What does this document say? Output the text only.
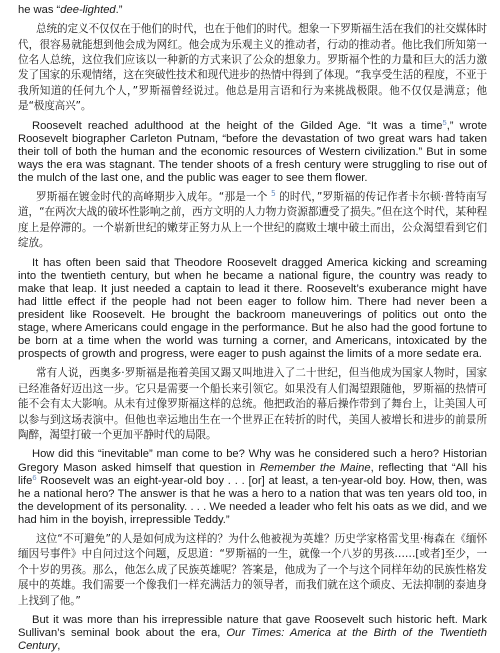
he was “dee-lighted.”

总统的定义不仅仅在于他们的时代，也在于他们的时代。想象一下罗斯福生活在我们的社交媒体时代，很容易就能想到他会成为网红。他会成为乐观主义的推动者，行动的推动者。他比我们所知第一位名人总统，这位我们应该以一种新的方式来识了公众的想象力。罗斯福个性的力量和巨大的活力激发了国家的乐观情绪，这在突破性技术和现代进步的热情中得到了体现。“我享受生活的程度，不亚于我所知道的任何九个人，”罗斯福曾经说过。他总是用言语和行为来挑战极限。他不仅仅是满意；他是“极度高兴”。

Roosevelt reached adulthood at the height of the Gilded Age. “It was a time$^5$,” wrote Roosevelt biographer Carleton Putnam, “before the devastation of two great wars had taken their toll of both the human and the economic resources of Western civilization.” But in some ways the era was stagnant. The tender shoots of a fresh century were struggling to rise out of the mulch of the last one, and the public was eager to see them flower.

罗斯福在镀金时代的高峰期步入成年。“那是一个 $^5$ 的时代，”罗斯福的传记作者卡尔顿·普特南写道，“在两次大战的破坏性影响之前，西方文明的人力物力资源都遭受了损失。”但在这个时代，某种程度上是停滞的。一个崭新世纪的嫩芽正努力从上一个世纪的腐败土壤中破土而出，公众渴望看到它们绽放。

It has often been said that Theodore Roosevelt dragged America kicking and screaming into the twentieth century, but when he became a national figure, the country was ready to make that leap. It just needed a captain to lead it there. Roosevelt’s exuberance might have had little effect if the people had not been eager to follow him. There had never been a president like Roosevelt. He brought the backroom maneuverings of politics out onto the stage, where Americans could engage in the performance. But he also had the good fortune to be born at a time when the world was turning a corner, and Americans, intoxicated by the prospects of growth and progress, were eager to push against the limits of a more sedate era.

常有人说，西奥多·罗斯福是拖着美国又踢又叫地进入了二十世纪，但当他成为国家人物时，国家已经准备好迈出这一步。它只是需要一个船长来引领它。如果没有人们渴望跟随他，罗斯福的热情可能不会有太大影响。从未有过像罗斯福这样的总统。他把政治的幕后操作带到了舞台上，让美国人可以参与到这场表演中。但他也幸运地出生在一个世界正在转折的时代，美国人被增长和进步的前景所陶醉，渴望打破一个更加平静时代的局限。

How did this “inevitable” man come to be? Why was he considered such a hero? Historian Gregory Mason asked himself that question in Remember the Maine, reflecting that “All his life$^6$ Roosevelt was an eight-year-old boy . . . [or] at least, a ten-year-old boy. How, then, was he a national hero? The answer is that he was a hero to a nation that was ten years old too, in the development of its personality. . . . We needed a leader who felt his oats as we did, and we had him in the boyish, irrepressible Teddy.”

这位“不可避免”的人是如何成为这样的？为什么他被视为英雄？历史学家格雷戈里·梅森在《缅怀缅因号事件》中自问过这个问题，反思道：“罗斯福的一生，就像一个八岁的男孩……[或者]至少，一个十岁的男孩。那么，他怎么成了民族英雄呢？答案是，他成为了一个与这个同样年幼的民族性格发展中的英雄。我们需要一个像我们一样充满活力的领导者，而我们就在这个顽皮、无法抑制的泰迪身上找到了他。”

But it was more than his irrepressible nature that gave Roosevelt such historic heft. Mark Sullivan’s seminal book about the era, Our Times: America at the Birth of the Twentieth Century,
